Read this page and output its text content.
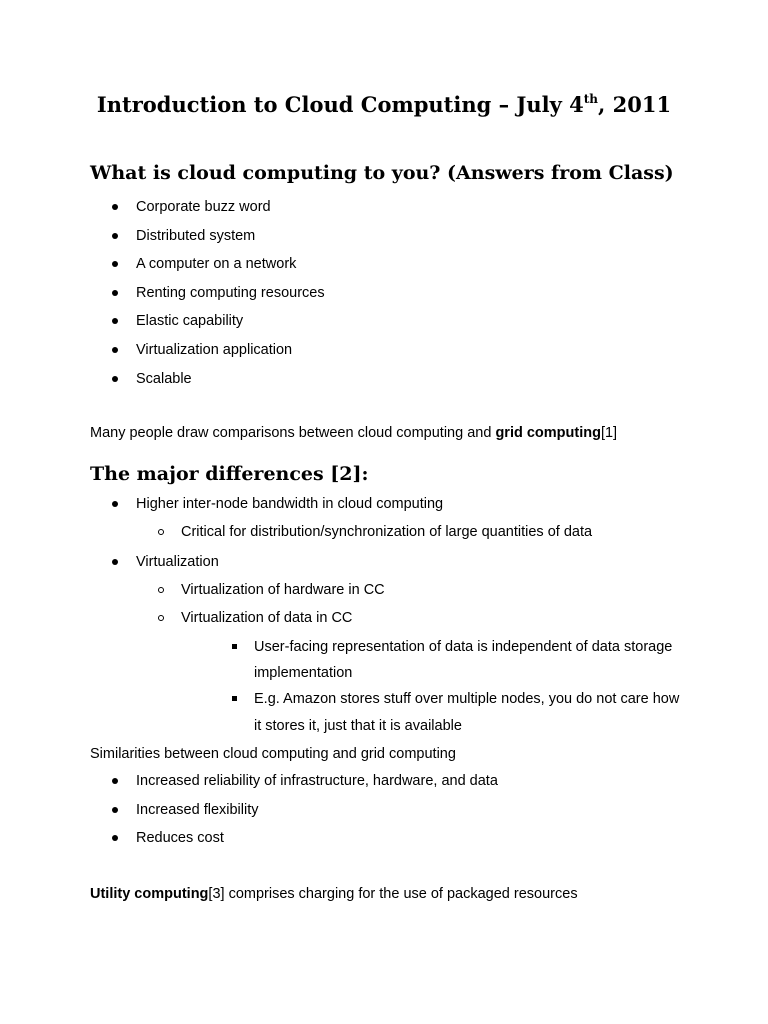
Introduction to Cloud Computing – July 4th, 2011
What is cloud computing to you? (Answers from Class)
Corporate buzz word
Distributed system
A computer on a network
Renting computing resources
Elastic capability
Virtualization application
Scalable

Many people draw comparisons between cloud computing and grid computing[1]

The major differences [2]:
Higher inter-node bandwidth in cloud computing
Critical for distribution/synchronization of large quantities of data
Virtualization
Virtualization of hardware in CC
Virtualization of data in CC
User-facing representation of data is independent of data storage
implementation
E.g. Amazon stores stuff over multiple nodes, you do not care how
it stores it, just that it is available

Similarities between cloud computing and grid computing

Increased reliability of infrastructure, hardware, and data
Increased flexibility
Reduces cost

Utility computing[3] comprises charging for the use of packaged resources
